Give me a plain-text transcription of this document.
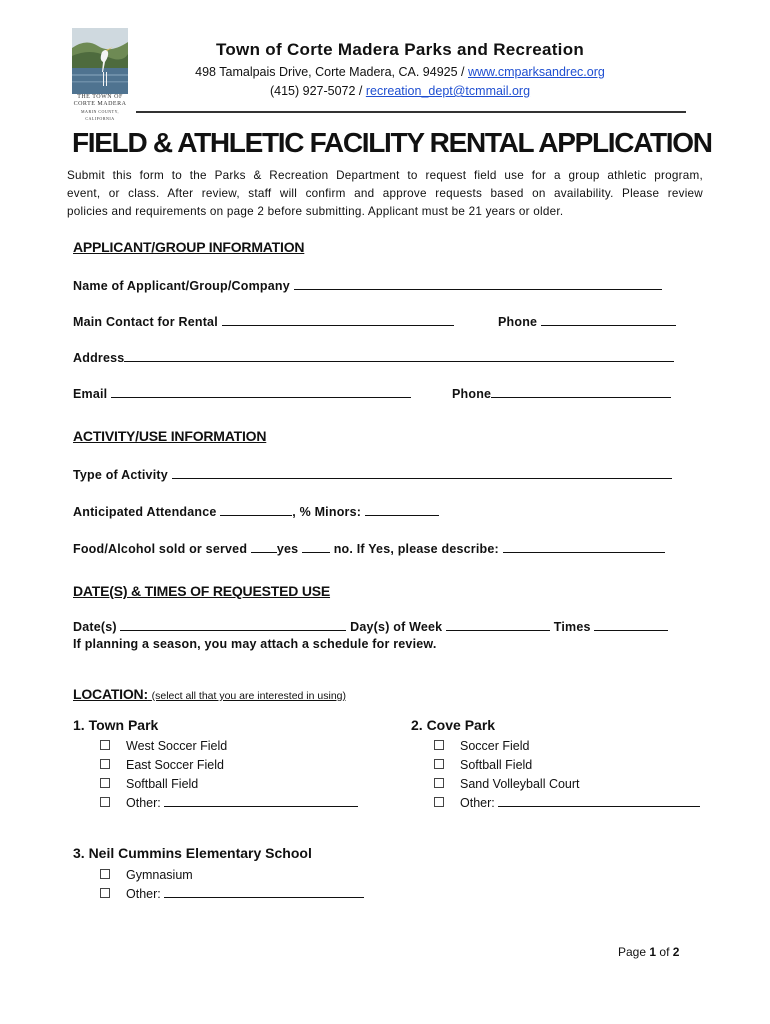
THE TOWN OF
CORTE MADERA
MARIN COUNTY, CALIFORNIA
Town of Corte Madera Parks and Recreation
498 Tamalpais Drive, Corte Madera, CA. 94925 / www.cmparksandrec.org
(415) 927-5072 / recreation_dept@tcmmail.org
FIELD & ATHLETIC FACILITY RENTAL APPLICATION
Submit this form to the Parks & Recreation Department to request field use for a group athletic program,
event, or class. After review, staff will confirm and approve requests based on availability. Please review
policies and requirements on page 2 before submitting. Applicant must be 21 years or older.
APPLICANT/GROUP INFORMATION
Name of Applicant/Group/Company
Main Contact for Rental	Phone
Address
Email	Phone
ACTIVITY/USE INFORMATION
Type of Activity
Anticipated Attendance	, % Minors:
Food/Alcohol sold or served yes	no. If Yes, please describe:
DATE(S) & TIMES OF REQUESTED USE
Date(s)	Day(s) of Week	Times
If planning a season, you may attach a schedule for review.
LOCATION: (select all that you are interested in using)
1. Town Park
West Soccer Field
East Soccer Field
Softball Field
Other:
2. Cove Park
Soccer Field
Softball Field
Sand Volleyball Court
Other:
3. Neil Cummins Elementary School
Gymnasium
Other:
Page 1 of 2
